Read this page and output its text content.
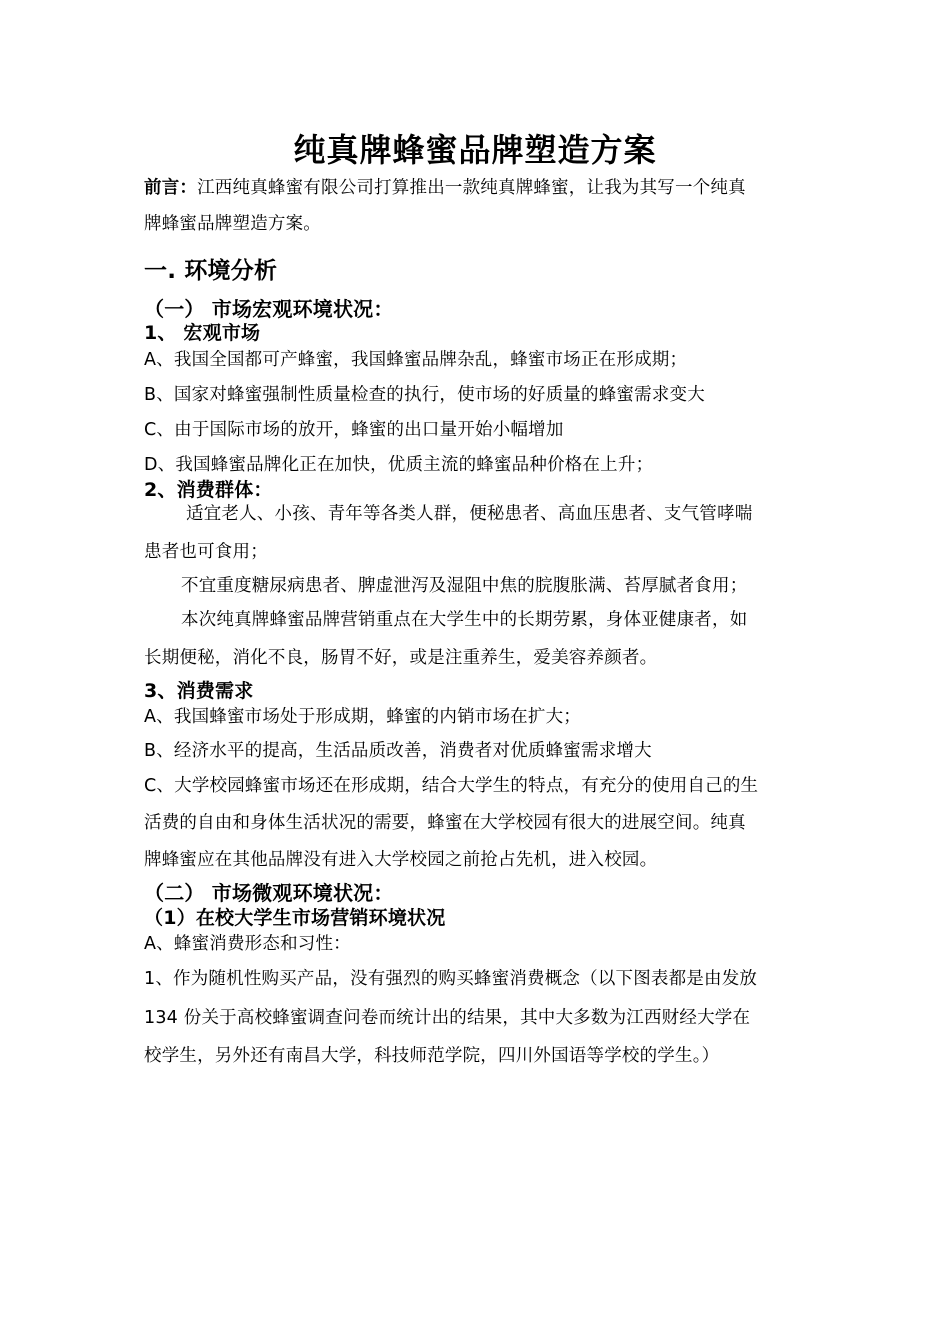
纯真牌蜂蜜品牌塑造方案
前言：江西纯真蜂蜜有限公司打算推出一款纯真牌蜂蜜，让我为其写一个纯真
牌蜂蜜品牌塑造方案。
一. 环境分析
（一） 市场宏观环境状况：
1、 宏观市场
A、我国全国都可产蜂蜜，我国蜂蜜品牌杂乱，蜂蜜市场正在形成期；
B、国家对蜂蜜强制性质量检查的执行，使市场的好质量的蜂蜜需求变大
C、由于国际市场的放开，蜂蜜的出口量开始小幅增加
D、我国蜂蜜品牌化正在加快，优质主流的蜂蜜品种价格在上升；
2、消费群体：
适宜老人、小孩、青年等各类人群，便秘患者、高血压患者、支气管哮喘
患者也可食用；
不宜重度糖尿病患者、脾虚泄泻及湿阻中焦的脘腹胀满、苔厚腻者食用；
本次纯真牌蜂蜜品牌营销重点在大学生中的长期劳累，身体亚健康者，如
长期便秘，消化不良，肠胃不好，或是注重养生，爱美容养颜者。
3、消费需求
A、我国蜂蜜市场处于形成期，蜂蜜的内销市场在扩大；
B、经济水平的提高，生活品质改善，消费者对优质蜂蜜需求增大
C、大学校园蜂蜜市场还在形成期，结合大学生的特点，有充分的使用自己的生
活费的自由和身体生活状况的需要，蜂蜜在大学校园有很大的进展空间。纯真
牌蜂蜜应在其他品牌没有进入大学校园之前抢占先机，进入校园。
（二） 市场微观环境状况：
（1）在校大学生市场营销环境状况
A、蜂蜜消费形态和习性：
1、作为随机性购买产品，没有强烈的购买蜂蜜消费概念（以下图表都是由发放
134 份关于高校蜂蜜调查问卷而统计出的结果，其中大多数为江西财经大学在
校学生，另外还有南昌大学，科技师范学院，四川外国语等学校的学生。）
